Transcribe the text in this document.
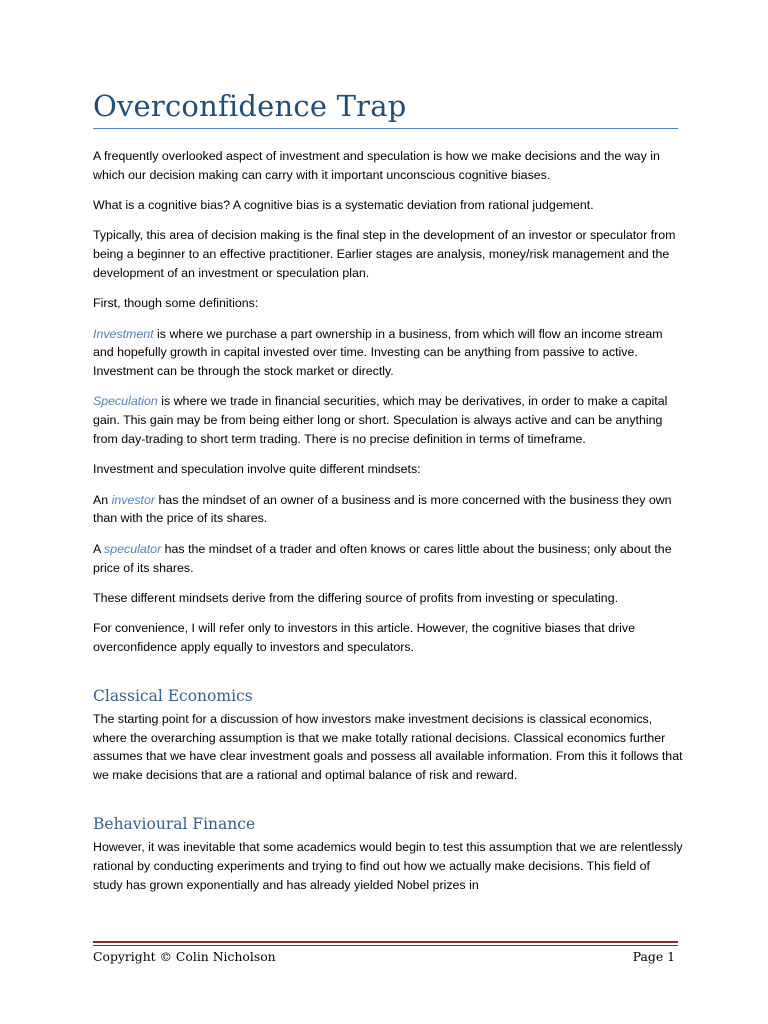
Overconfidence Trap

A frequently overlooked aspect of investment and speculation is how we make decisions and the way in which our decision making can carry with it important unconscious cognitive biases.

What is a cognitive bias? A cognitive bias is a systematic deviation from rational judgement.

Typically, this area of decision making is the final step in the development of an investor or speculator from being a beginner to an effective practitioner. Earlier stages are analysis, money/risk management and the development of an investment or speculation plan.

First, though some definitions:

Investment is where we purchase a part ownership in a business, from which will flow an income stream and hopefully growth in capital invested over time. Investing can be anything from passive to active. Investment can be through the stock market or directly.

Speculation is where we trade in financial securities, which may be derivatives, in order to make a capital gain. This gain may be from being either long or short. Speculation is always active and can be anything from day-trading to short term trading. There is no precise definition in terms of timeframe.

Investment and speculation involve quite different mindsets:

An investor has the mindset of an owner of a business and is more concerned with the business they own than with the price of its shares.

A speculator has the mindset of a trader and often knows or cares little about the business; only about the price of its shares.

These different mindsets derive from the differing source of profits from investing or speculating.

For convenience, I will refer only to investors in this article. However, the cognitive biases that drive overconfidence apply equally to investors and speculators.

Classical Economics

The starting point for a discussion of how investors make investment decisions is classical economics, where the overarching assumption is that we make totally rational decisions. Classical economics further assumes that we have clear investment goals and possess all available information. From this it follows that we make decisions that are a rational and optimal balance of risk and reward.

Behavioural Finance

However, it was inevitable that some academics would begin to test this assumption that we are relentlessly rational by conducting experiments and trying to find out how we actually make decisions. This field of study has grown exponentially and has already yielded Nobel prizes in

Copyright © Colin Nicholson	Page 1
